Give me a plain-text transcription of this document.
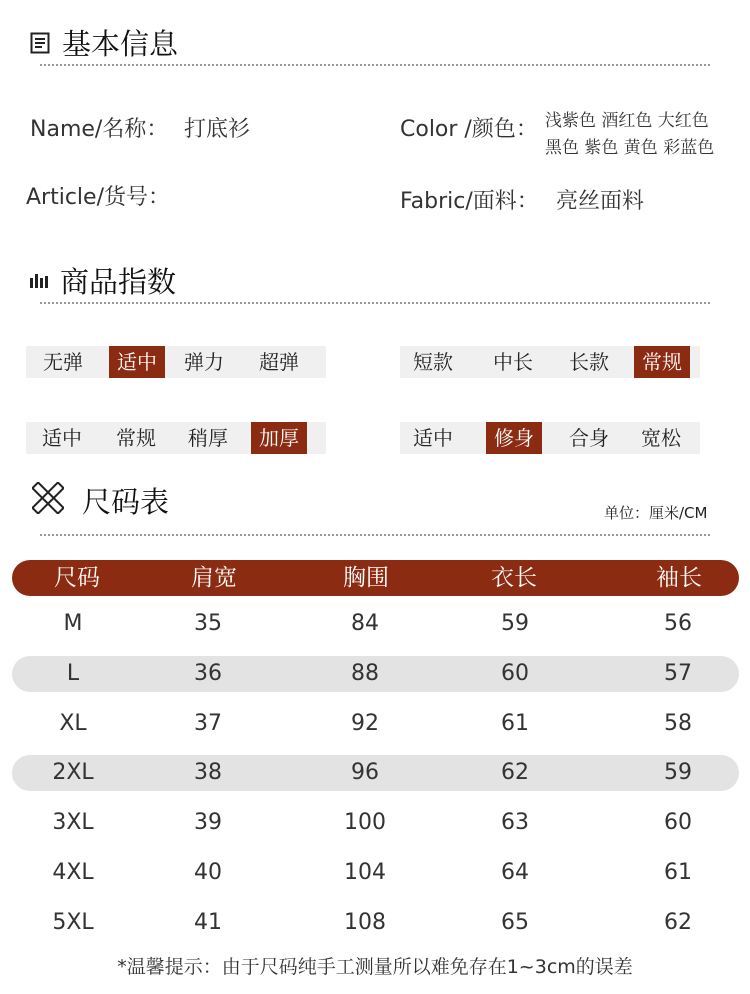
基本信息
Name/名称： 打底衫	Color /颜色： 浅紫色 酒红色 大红色
黑色 紫色 黄色 彩蓝色
Article/货号：	Fabric/面料： 亮丝面料
商品指数
无弹	适中	弹力	超弹	短款	中长	长款	常规
适中	常规	稍厚	加厚	适中	修身	合身	宽松
尺码表	单位：厘米/CM
尺码	肩宽	胸围	衣长	袖长
M	35	84	59	56
L	36	88	60	57
XL	37	92	61	58
2XL	38	96	62	59
3XL	39	100	63	60
4XL	40	104	64	61
5XL	41	108	65	62
*温馨提示：由于尺码纯手工测量所以难免存在1~3cm的误差
